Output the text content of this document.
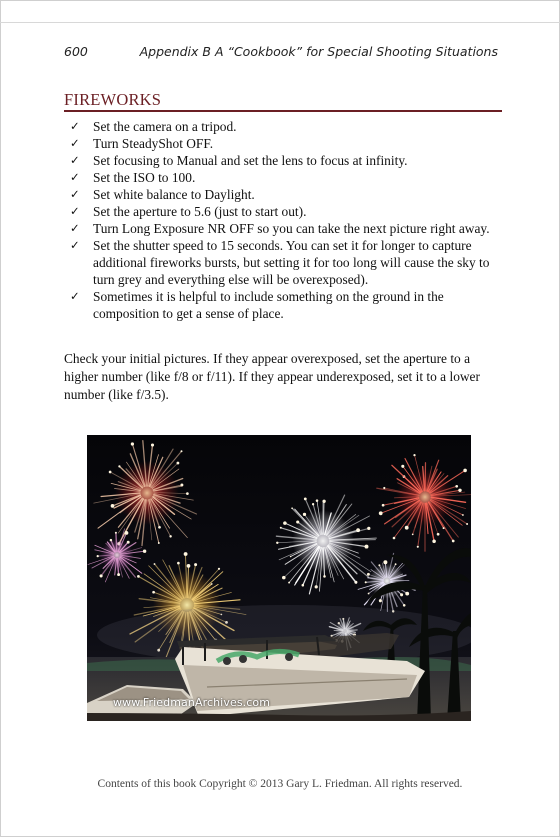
600	Appendix B A “Cookbook” for Special Shooting Situations
FIREWORKS
✓ Set the camera on a tripod.
✓ Turn SteadyShot OFF.
✓ Set focusing to Manual and set the lens to focus at infinity.
✓ Set the ISO to 100.
✓ Set white balance to Daylight.
✓ Set the aperture to 5.6 (just to start out).
✓ Turn Long Exposure NR OFF so you can take the next picture right away.
✓ Set the shutter speed to 15 seconds. You can set it for longer to capture additional fireworks bursts, but setting it for too long will cause the sky to turn grey and everything else will be overexposed).
✓ Sometimes it is helpful to include something on the ground in the composition to get a sense of place.

Check your initial pictures. If they appear overexposed, set the aperture to a higher number (like f/8 or f/11). If they appear underexposed, set it to a lower number (like f/3.5).

www.FriedmanArchives.com
Contents of this book Copyright © 2013 Gary L. Friedman. All rights reserved.
